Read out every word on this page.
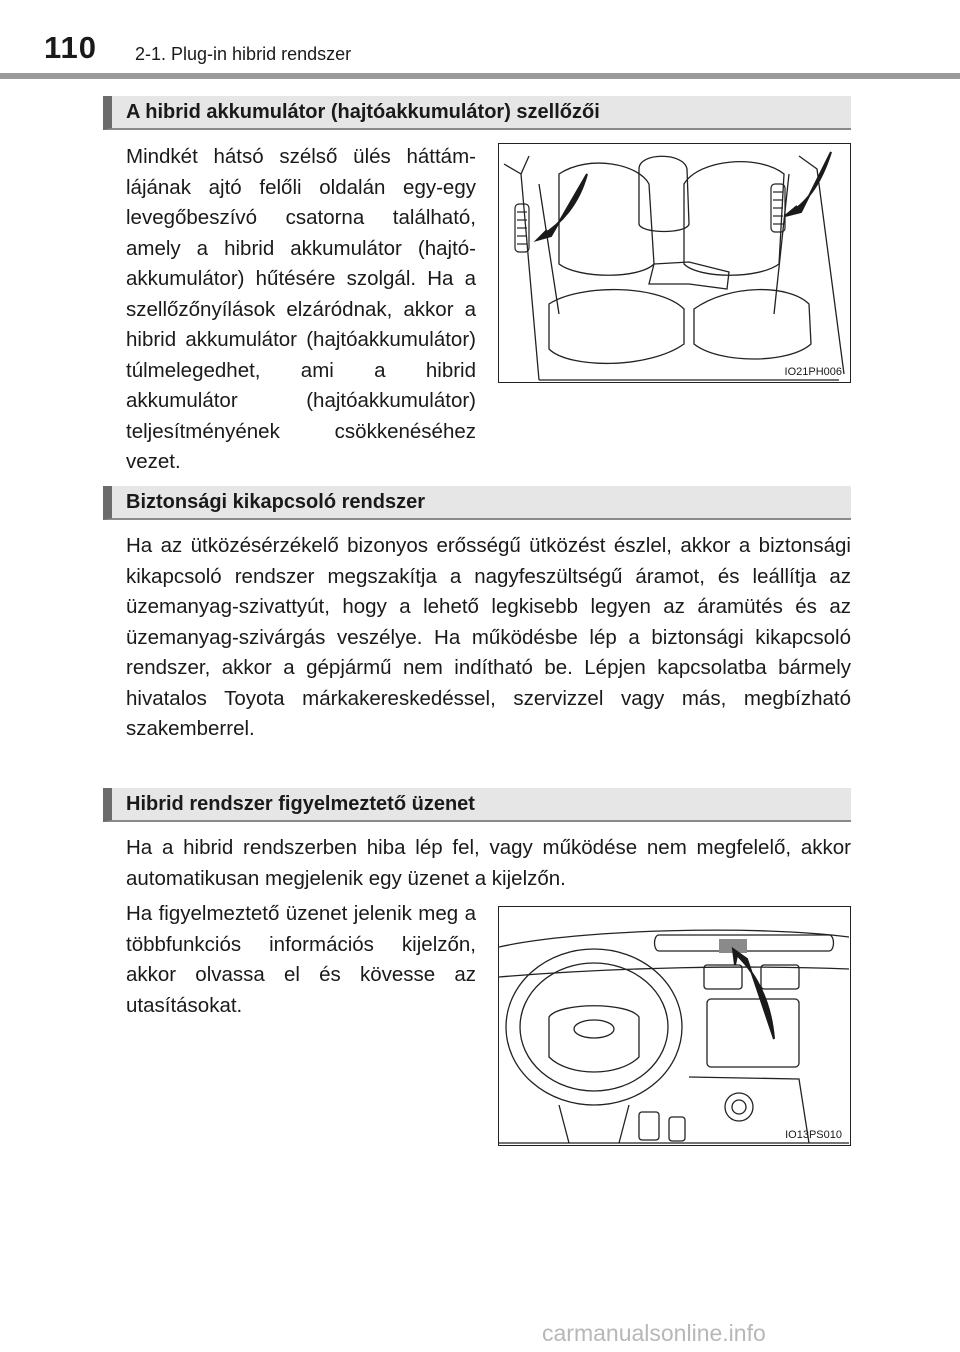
110 2-1. Plug-in hibrid rendszer
A hibrid akkumulátor (hajtóakkumulátor) szellőzői
Mindkét hátsó szélső ülés háttámlájának ajtó felőli oldalán egy-egy levegőbeszívó csatorna található, amely a hibrid akkumulátor (hajtóakkumulátor) hűtésére szolgál. Ha a szellőzőnyílások elzáródnak, akkor a hibrid akkumulátor (hajtóakkumulátor) túlmelegedhet, ami a hibrid akkumulátor (hajtóakkumulátor) teljesítményének csökkenéséhez vezet.
IO21PH006
Biztonsági kikapcsoló rendszer
Ha az ütközésérzékelő bizonyos erősségű ütközést észlel, akkor a biztonsági kikapcsoló rendszer megszakítja a nagyfeszültségű áramot, és leállítja az üzemanyag-szivattyút, hogy a lehető legkisebb legyen az áramütés és az üzemanyag-szivárgás veszélye. Ha működésbe lép a biztonsági kikapcsoló rendszer, akkor a gépjármű nem indítható be. Lépjen kapcsolatba bármely hivatalos Toyota márkakereskedéssel, szervizzel vagy más, megbízható szakemberrel.
Hibrid rendszer figyelmeztető üzenet
Ha a hibrid rendszerben hiba lép fel, vagy működése nem megfelelő, akkor automatikusan megjelenik egy üzenet a kijelzőn.
Ha figyelmeztető üzenet jelenik meg a többfunkciós információs kijelzőn, akkor olvassa el és kövesse az utasításokat.
IO13PS010
carmanualsonline.info
